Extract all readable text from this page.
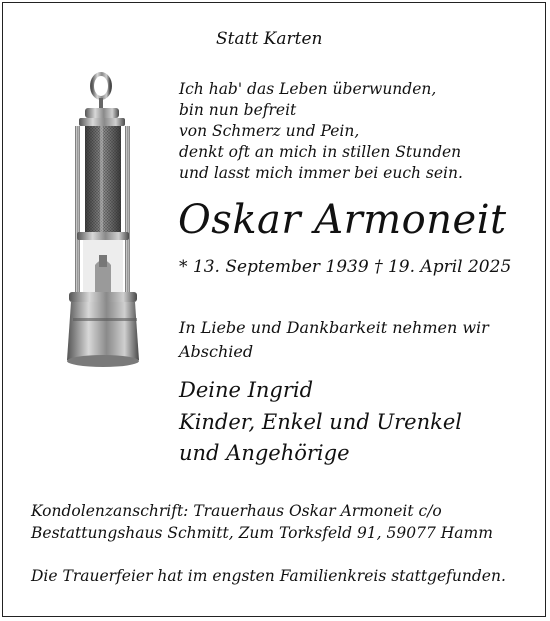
Statt Karten
Ich hab' das Leben überwunden,
bin nun befreit
von Schmerz und Pein,
denkt oft an mich in stillen Stunden
und lasst mich immer bei euch sein.
Oskar Armoneit
* 13. September 1939 † 19. April 2025
In Liebe und Dankbarkeit nehmen wir
Abschied
Deine Ingrid
Kinder, Enkel und Urenkel
und Angehörige
Kondolenzanschrift: Trauerhaus Oskar Armoneit c/o
Bestattungshaus Schmitt, Zum Torksfeld 91, 59077 Hamm
Die Trauerfeier hat im engsten Familienkreis stattgefunden.
